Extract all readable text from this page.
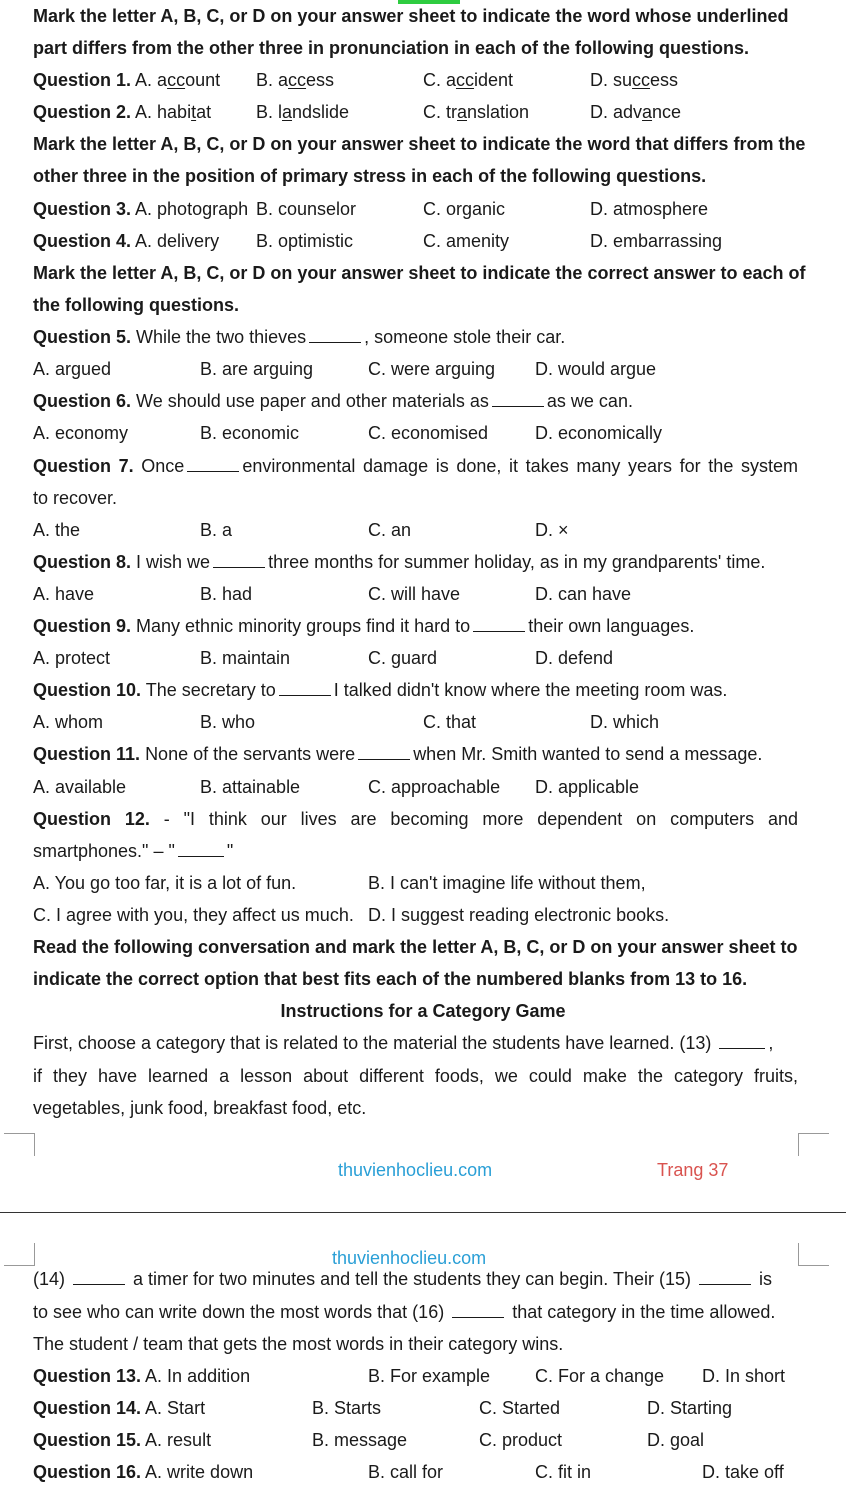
Mark the letter A, B, C, or D on your answer sheet to indicate the word whose underlined
part differs from the other three in pronunciation in each of the following questions.
Question 1. A. account B. access	C. accident	D. success
Question 2. A. habitat B. landslide	C. translation	D. advance
Mark the letter A, B, C, or D on your answer sheet to indicate the word that differs from the
other three in the position of primary stress in each of the following questions.
Question 3. A. photograph B. counselor	C. organic	D. atmosphere
Question 4. A. delivery B. optimistic	C. amenity	D. embarrassing
Mark the letter A, B, C, or D on your answer sheet to indicate the correct answer to each of
the following questions.
Question 5. While the two thieves	, someone stole their car.
A. argued	B. are arguing	C. were arguing D. would argue
Question 6. We should use paper and other materials as	as we can.
A. economy	B. economic	C. economised	D. economically
Question 7. Once	environmental damage is done, it takes many years for the system
to recover.
A. the	B. a	C. an	D. ×
Question 8. I wish we	three months for summer holiday, as in my grandparents' time.
A. have	B. had	C. will have	D. can have
Question 9. Many ethnic minority groups find it hard to	their own languages.
A. protect	B. maintain	C. guard	D. defend
Question 10. The secretary to	I talked didn't know where the meeting room was.
A. whom	B. who	C. that	D. which
Question 11. None of the servants were	when Mr. Smith wanted to send a message.
A. available	B. attainable	C. approachable D. applicable
Question 12. - "I think our lives are becoming more dependent on computers and
smartphones." – "	"
A. You go too far, it is a lot of fun.	B. I can't imagine life without them,
C. I agree with you, they affect us much. D. I suggest reading electronic books.
Read the following conversation and mark the letter A, B, C, or D on your answer sheet to
indicate the correct option that best fits each of the numbered blanks from 13 to 16.
Instructions for a Category Game
First, choose a category that is related to the material the students have learned. (13)	,
if they have learned a lesson about different foods, we could make the category fruits,
vegetables, junk food, breakfast food, etc.
thuvienhoclieu.com	Trang 37
thuvienhoclieu.com
(14)	a timer for two minutes and tell the students they can begin. Their (15)	is
to see who can write down the most words that (16)	that category in the time allowed.
The student / team that gets the most words in their category wins.
Question 13. A. In addition	B. For example C. For a change D. In short
Question 14. A. Start	B. Starts	C. Started	D. Starting
Question 15. A. result	B. message	C. product	D. goal
Question 16. A. write down	B. call for	C. fit in	D. take off
